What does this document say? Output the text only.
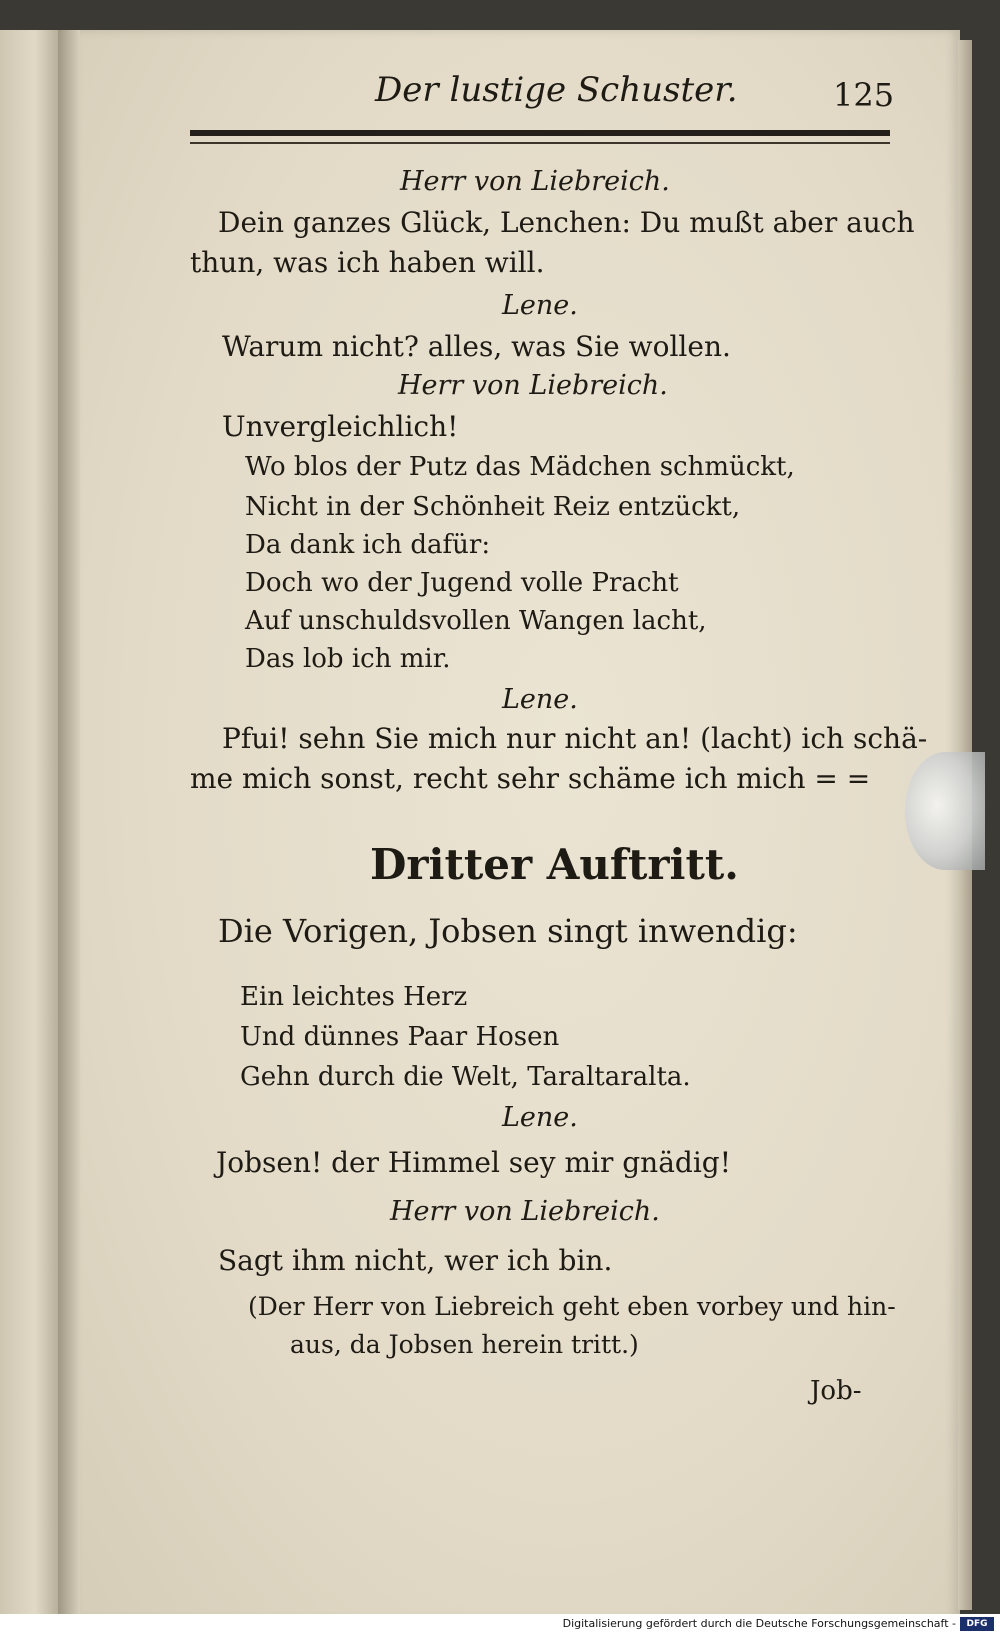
Der lustige Schuster.	125
Herr von Liebreich.
Dein ganzes Glück, Lenchen: Du mußt aber auch
thun, was ich haben will.
Lene.
Warum nicht? alles, was Sie wollen.
Herr von Liebreich.
Unvergleichlich!
Wo blos der Putz das Mädchen schmückt,
Nicht in der Schönheit Reiz entzückt,
Da dank ich dafür:
Doch wo der Jugend volle Pracht
Auf unschuldsvollen Wangen lacht,
Das lob ich mir.
Lene.
Pfui! sehn Sie mich nur nicht an! (lacht) ich schä-
me mich sonst, recht sehr schäme ich mich = =
Dritter Auftritt.
Die Vorigen, Jobsen singt inwendig:
Ein leichtes Herz
Und dünnes Paar Hosen
Gehn durch die Welt, Taraltaralta.
Lene.
Jobsen! der Himmel sey mir gnädig!
Herr von Liebreich.
Sagt ihm nicht, wer ich bin.
(Der Herr von Liebreich geht eben vorbey und hin-
aus, da Jobsen herein tritt.)
Job-
Digitalisierung gefördert durch die Deutsche Forschungsgemeinschaft -	DFG
